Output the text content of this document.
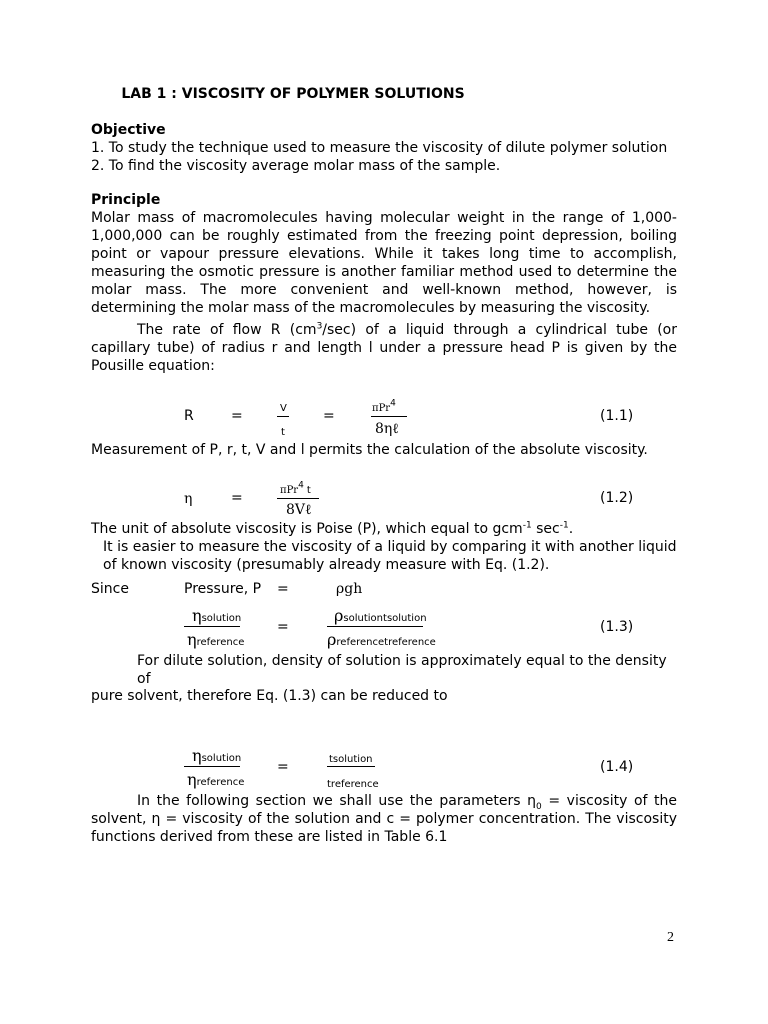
LAB 1 : VISCOSITY OF POLYMER SOLUTIONS
Objective
1. To study the technique used to measure the viscosity of dilute polymer solution
2. To find the viscosity average molar mass of the sample.
Principle
Molar mass of macromolecules having molecular weight in the range of 1,000-1,000,000 can be roughly estimated from the freezing point depression, boiling point or vapour pressure elevations. While it takes long time to accomplish, measuring the osmotic pressure is another familiar method used to determine the molar mass. The more convenient and well-known method, however, is determining the molar mass of the macromolecules by measuring the viscosity.
The rate of flow R $(cm^3/\sec)$ of a liquid through a cylindrical tube (or capillary tube) of radius r and length l under a pressure head P is given by the Pousille equation:
R	=	V
t
=	πPr$^4$
8ηℓ
(1.1)
Measurement of P, r, t, V and l permits the calculation of the absolute viscosity.
η	=	πPr$^4$ t
8Vℓ
(1.2)
The unit of absolute viscosity is Poise (P), which equal to gcm$^{-1}$ $\sec^{-1}$.
It is easier to measure the viscosity of a liquid by comparing it with another liquid of known viscosity (presumably already measure with Eq. (1.2).
Since	Pressure, P =	ρgh
ηsolution
ηreference
=
ρsolutiontsolution
ρreferencetreference
(1.3)
For dilute solution, density of solution is approximately equal to the density of
pure solvent, therefore Eq. (1.3) can be reduced to
ηsolution
ηreference
=	tsolution
treference
(1.4)
In the following section we shall use the parameters $\eta_0$ = viscosity of the solvent, η = viscosity of the solution and c = polymer concentration. The viscosity functions derived from these are listed in Table 6.1
2
